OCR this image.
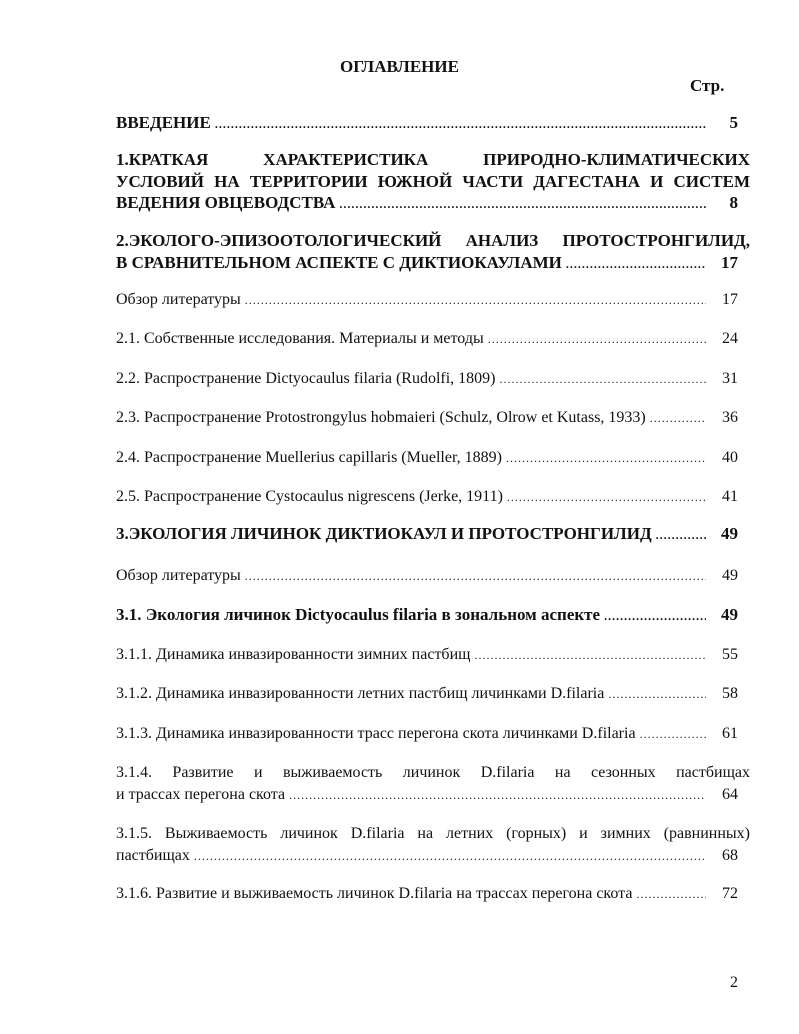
ОГЛАВЛЕНИЕ
Стр.
ВВЕДЕНИЕ .....	5
1.КРАТКАЯ ХАРАКТЕРИСТИКА ПРИРОДНО-КЛИМАТИЧЕСКИХ
УСЛОВИЙ НА ТЕРРИТОРИИ ЮЖНОЙ ЧАСТИ ДАГЕСТАНА И СИСТЕМ
ВЕДЕНИЯ ОВЦЕВОДСТВА .....	8
2.ЭКОЛОГО-ЭПИЗООТОЛОГИЧЕСКИЙ АНАЛИЗ ПРОТОСТРОНГИЛИД,
В СРАВНИТЕЛЬНОМ АСПЕКТЕ С ДИКТИОКАУЛАМИ .....	17
Обзор литературы .....	17
2.1. Собственные исследования. Материалы и методы .....	24
2.2. Распространение Dictyocaulus filaria (Rudolfi, 1809) .....	31
2.3. Распространение Protostrongylus hobmaieri (Schulz, Olrow et Kutass, 1933) .....	36
2.4. Распространение Muellerius capillaris (Mueller, 1889) .....	40
2.5. Распространение Cystocaulus nigrescens (Jerke, 1911) .....	41
3.ЭКОЛОГИЯ ЛИЧИНОК ДИКТИОКАУЛ И ПРОТОСТРОНГИЛИД .....	49
Обзор литературы .....	49
3.1. Экология личинок Dictyocaulus filaria в зональном аспекте .....	49
3.1.1. Динамика инвазированности зимних пастбищ .....	55
3.1.2. Динамика инвазированности летних пастбищ личинками D.filaria .....	58
3.1.3. Динамика инвазированности трасс перегона скота личинками D.filaria .....	61
3.1.4. Развитие и выживаемость личинок D.filaria на сезонных пастбищах
и трассах перегона скота .....	64
3.1.5. Выживаемость личинок D.filaria на летних (горных) и зимних (равнинных)
пастбищах .....	68
3.1.6. Развитие и выживаемость личинок D.filaria на трассах перегона скота .....	72
2
